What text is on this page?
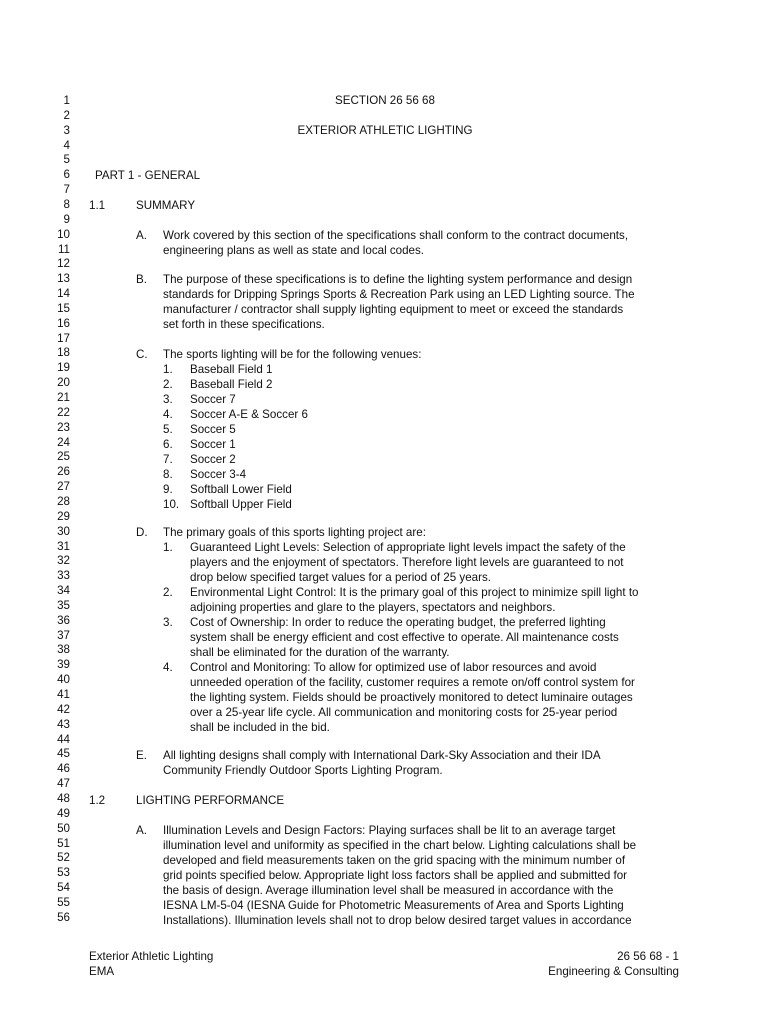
1
2
3
4
5
6
7
8
9
10
11
12
13
14
15
16
17
18
19
20
21
22
23
24
25
26
27
28
29
30
31
32
33
34
35
36
37
38
39
40
41
42
43
44
45
46
47
48
49
50
51
52
53
54
55
56
SECTION 26 56 68
EXTERIOR ATHLETIC LIGHTING
PART 1 - GENERAL
1.1	SUMMARY
A. Work covered by this section of the specifications shall conform to the contract documents,
engineering plans as well as state and local codes.
B. The purpose of these specifications is to define the lighting system performance and design
standards for Dripping Springs Sports & Recreation Park using an LED Lighting source. The
manufacturer / contractor shall supply lighting equipment to meet or exceed the standards
set forth in these specifications.
C. The sports lighting will be for the following venues:
1. Baseball Field 1
2. Baseball Field 2
3. Soccer 7
4. Soccer A-E & Soccer 6
5. Soccer 5
6. Soccer 1
7. Soccer 2
8. Soccer 3-4
9. Softball Lower Field
10. Softball Upper Field
D. The primary goals of this sports lighting project are:
1. Guaranteed Light Levels: Selection of appropriate light levels impact the safety of the
players and the enjoyment of spectators. Therefore light levels are guaranteed to not
drop below specified target values for a period of 25 years.
2. Environmental Light Control: It is the primary goal of this project to minimize spill light to
adjoining properties and glare to the players, spectators and neighbors.
3. Cost of Ownership: In order to reduce the operating budget, the preferred lighting
system shall be energy efficient and cost effective to operate. All maintenance costs
shall be eliminated for the duration of the warranty.
4. Control and Monitoring: To allow for optimized use of labor resources and avoid
unneeded operation of the facility, customer requires a remote on/off control system for
the lighting system. Fields should be proactively monitored to detect luminaire outages
over a 25-year life cycle. All communication and monitoring costs for 25-year period
shall be included in the bid.
E. All lighting designs shall comply with International Dark-Sky Association and their IDA
Community Friendly Outdoor Sports Lighting Program.
1.2	LIGHTING PERFORMANCE
A. Illumination Levels and Design Factors: Playing surfaces shall be lit to an average target
illumination level and uniformity as specified in the chart below. Lighting calculations shall be
developed and field measurements taken on the grid spacing with the minimum number of
grid points specified below. Appropriate light loss factors shall be applied and submitted for
the basis of design. Average illumination level shall be measured in accordance with the
IESNA LM-5-04 (IESNA Guide for Photometric Measurements of Area and Sports Lighting
Installations). Illumination levels shall not to drop below desired target values in accordance
Exterior Athletic Lighting
EMA
26 56 68 - 1
Engineering & Consulting
